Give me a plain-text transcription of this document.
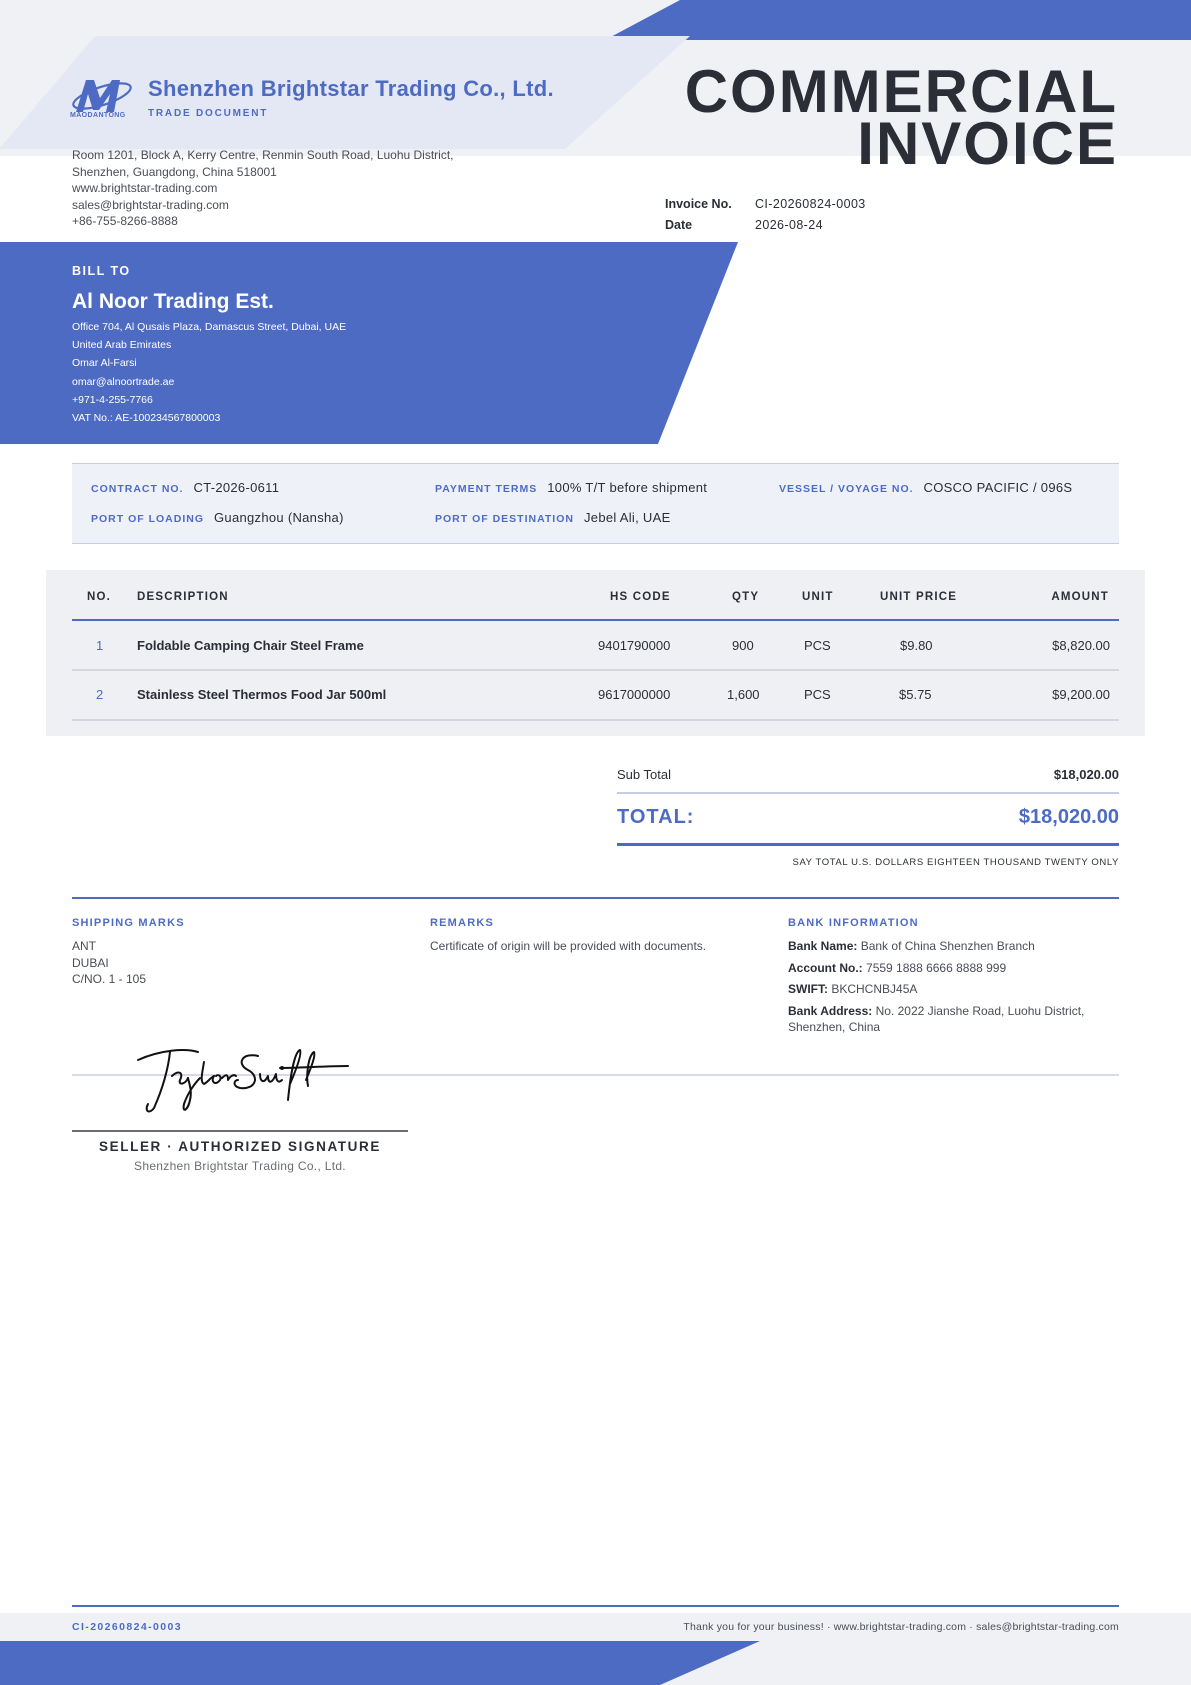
MAODANTONG
Shenzhen Brightstar Trading Co., Ltd.
TRADE DOCUMENT	COMMERCIAL
INVOICE
Room 1201, Block A, Kerry Centre, Renmin South Road, Luohu District,
Shenzhen, Guangdong, China 518001
www.brightstar-trading.com
sales@brightstar-trading.com
+86-755-8266-8888
Invoice No.	CI-20260824-0003
Date	2026-08-24
BILL TO
Al Noor Trading Est.
Office 704, Al Qusais Plaza, Damascus Street, Dubai, UAE
United Arab Emirates
Omar Al-Farsi
omar@alnoortrade.ae
+971-4-255-7766
VAT No.: AE-100234567800003
CONTRACT NO. CT-2026-0611	PAYMENT TERMS 100% T/T before shipment	VESSEL / VOYAGE NO. COSCO PACIFIC / 096S
PORT OF LOADING Guangzhou (Nansha)	PORT OF DESTINATION Jebel Ali, UAE
NO. DESCRIPTION	HS CODE	QTY	UNIT	UNIT PRICE	AMOUNT
1	Foldable Camping Chair Steel Frame	9401790000	900	PCS	$9.80	$8,820.00
2	Stainless Steel Thermos Food Jar 500ml	9617000000	1,600	PCS	$5.75	$9,200.00
Sub Total	$18,020.00
TOTAL:	$18,020.00
SAY TOTAL U.S. DOLLARS EIGHTEEN THOUSAND TWENTY ONLY
SHIPPING MARKS
ANT
DUBAI
C/NO. 1 - 105
REMARKS
Certificate of origin will be provided with documents.
BANK INFORMATION
Bank Name: Bank of China Shenzhen Branch
Account No.: 7559 1888 6666 8888 999
SWIFT: BKCHCNBJ45A
Bank Address: No. 2022 Jianshe Road, Luohu District, Shenzhen, China
SELLER · AUTHORIZED SIGNATURE
Shenzhen Brightstar Trading Co., Ltd.
CI-20260824-0003	Thank you for your business! · www.brightstar-trading.com · sales@brightstar-trading.com
